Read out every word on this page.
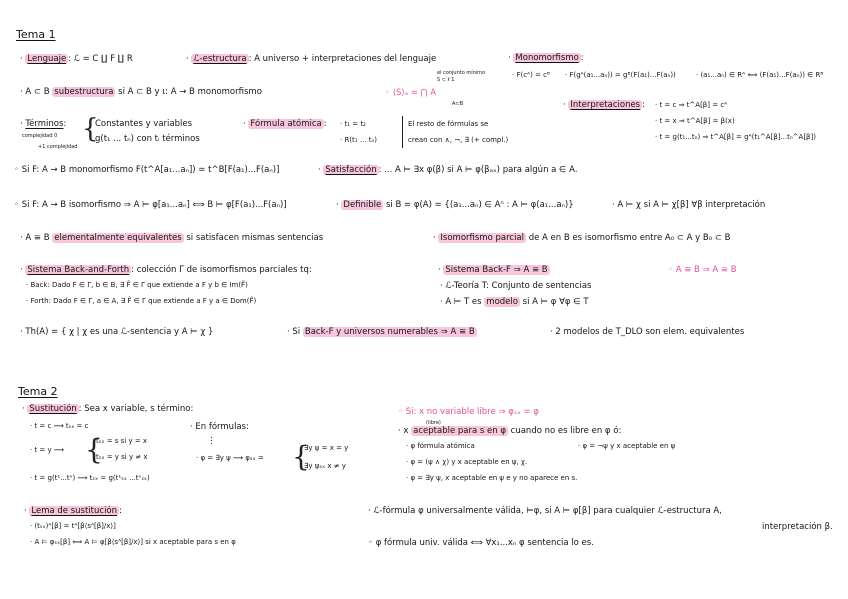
Tema 1
· Lenguaje : ℒ = C ∐ F ∐ R	· ℒ-estructura : A universo + interpretaciones del lenguaje	· Monomorfismo :
· F(cᴬ) = cᴮ · F(gᴬ(a₁...aₙ)) = gᴮ(F(a₁)...F(aₙ))	· (a₁...aₙ) ∈ Rᴬ ⟺ (F(a₁)...F(aₙ)) ∈ Rᴮ
· A ⊂ B subestructura si A ⊂ B y ι: A → B monomorfismo	◦ ⟨S⟩ₐ = ⋂ A
A⊂B
el conjunto mínimo
S ⊂ ℓ 1
· Interpretaciones : · t = c ⇒ t^A[β] = cᴬ
· t = x ⇒ t^A[β] = β(x)
· t = g(t₁...tₙ) ⇒ t^A[β] = gᴬ(t₁^A[β]...tₙ^A[β])
· Términos: {
Constantes y variables
g(t₁ ... tₙ) con tᵢ términos
complejidad 0
+1 complejidad
· Fórmula atómica : · t₁ = t₂
· R(t₁ ... tₙ)
El resto de fórmulas se
crean con ∧, ¬, ∃ (+ compl.)
◦ Si F: A → B monomorfismo F(t^A[a₁...aₙ]) = t^B[F(a₁)...F(aₙ)]	· Satisfacción : ... A ⊨ ∃x φ(β) si A ⊨ φ(βₐₓ) para algún a ∈ A.
◦ Si F: A → B isomorfismo ⇒ A ⊨ φ[a₁...aₙ] ⟺ B ⊨ φ[F(a₁)...F(aₙ)]	· Definible si B = φ(A) = {(a₁...aₙ) ∈ Aⁿ : A ⊨ φ(a₁...aₙ)}	· A ⊨ χ si A ⊨ χ[β] ∀β interpretación
· A ≡ B elementalmente equivalentes si satisfacen mismas sentencias	· Isomorfismo parcial de A en B es isomorfismo entre A₀ ⊂ A y B₀ ⊂ B
· Sistema Back-and-Forth : colección Γ de isomorfismos parciales tq:
· Back: Dado F ∈ Γ, b ∈ B, ∃ F̃ ∈ Γ que extiende a F y b ∈ Im(F̃)
· Forth: Dado F ∈ Γ, a ∈ A, ∃ F̃ ∈ Γ que extiende a F y a ∈ Dom(F̃)
· Sistema Back-F ⇒ A ≡ B
· ℒ-Teoría T: Conjunto de sentencias
· A ⊨ T es modelo si A ⊨ φ ∀φ ∈ T
◦ A ≅ B ⇒ A ≡ B
· Th(A) = { χ | χ es una ℒ-sentencia y A ⊨ χ }	· Si Back-F y universos numerables ⇒ A ≅ B	· 2 modelos de T_DLO son elem. equivalentes
Tema 2
· Sustitución : Sea x variable, s término:
· t = c ⟿ tₛₓ = c
· t = y ⟿ {
tₛₓ = s si y = x
tₛₓ = y si y ≠ x
· t = g(t¹...tⁿ) ⟿ tₛₓ = g(t¹ₛₓ ...tⁿₛₓ)
· En fórmulas:
⋮
· φ = ∃y ψ ⟿ φₛₓ = {
∃y ψ = x = y
∃y ψₛₓ x ≠ y
◦ Si: x no variable libre ⇒ φₛₓ = φ
(libre)
· x aceptable para s en φ cuando no es libre en φ ó:
· φ fórmula atómica	· φ = ¬ψ y x aceptable en ψ
· φ = (ψ ∧ χ) y x aceptable en ψ, χ.
· φ = ∃y ψ, x aceptable en ψ e y no aparece en s.
· Lema de sustitución :
· (tₛₓ)ᴬ[β] = tᴬ[β⟨sᴬ[β]/x⟩]
· A ⊨ φₛₓ[β] ⟺ A ⊨ φ[β⟨sᴬ[β]/x⟩] si x aceptable para s en φ
· ℒ-fórmula φ universalmente válida, ⊨φ, si A ⊨ φ[β] para cualquier ℒ-estructura A,
interpretación β.
◦ φ fórmula univ. válida ⟺ ∀x₁...xₙ φ sentencia lo es.
